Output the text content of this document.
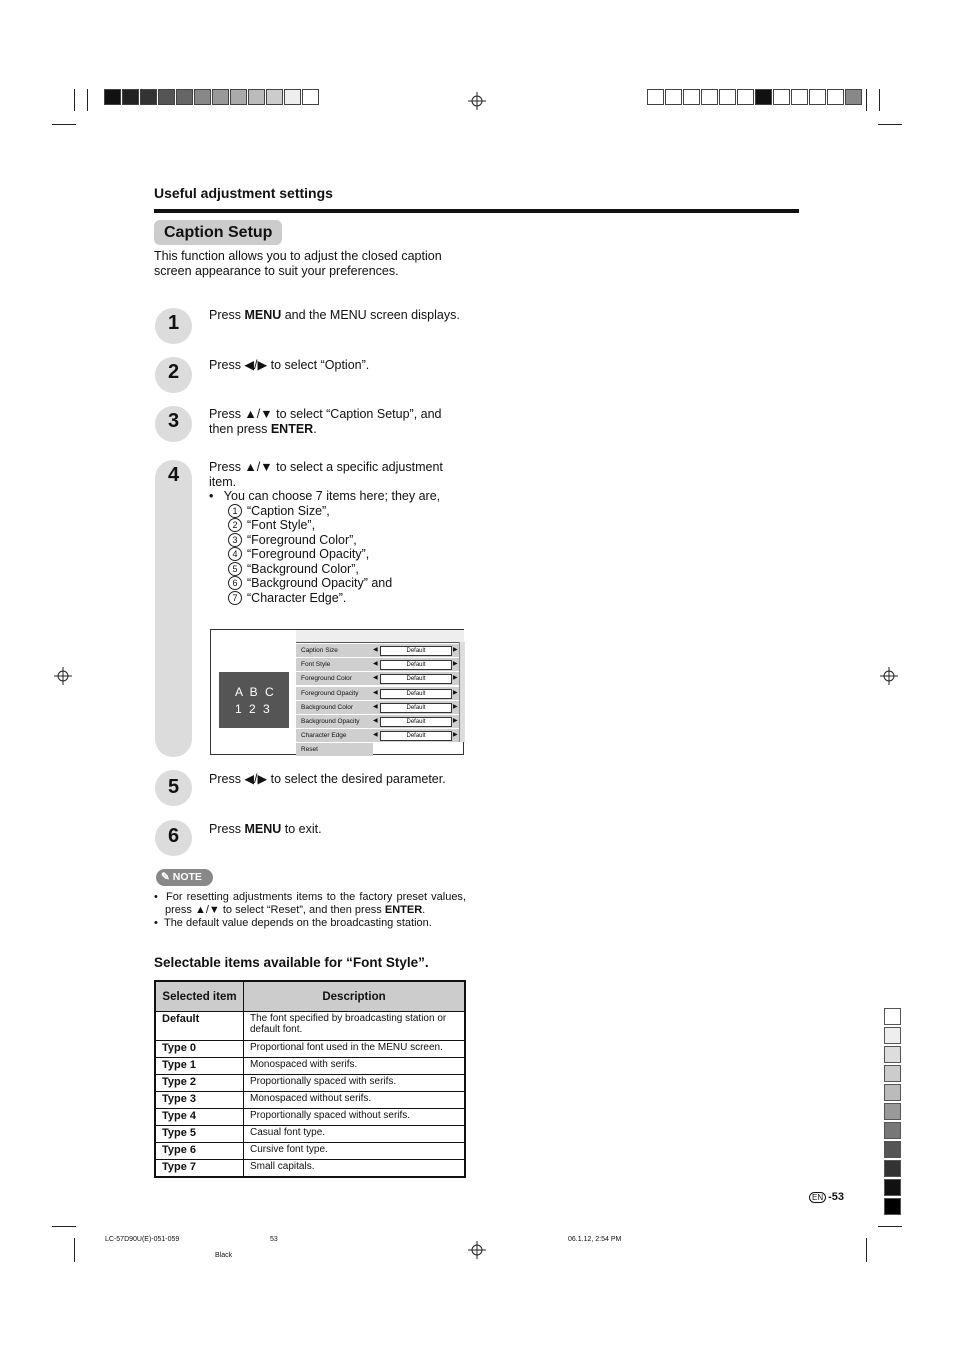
Useful adjustment settings
Caption Setup
This function allows you to adjust the closed caption screen appearance to suit your preferences.
1
2
3
4
5
6
Press MENU and the MENU screen displays.
Press ◀/▶ to select “Option”.
Press ▲/▼ to select “Caption Setup”, and then press ENTER.
Press ▲/▼ to select a specific adjustment item.
•   You can choose 7 items here; they are,
1 “Caption Size”,
2 “Font Style”,
3 “Foreground Color”,
4 “Foreground Opacity”,
5 “Background Color”,
6 “Background Opacity” and
7 “Character Edge”.
Press ◀/▶ to select the desired parameter.
Press MENU to exit.
A B C
1 2 3
Caption Size	◀	Default	▶
Font Style	◀	Default	▶
Foreground Color	◀	Default	▶
Foreground Opacity ◀	Default	▶
Background Color	◀	Default	▶
Background Opacity ◀	Default	▶
Character Edge	◀	Default	▶
Reset
✎ NOTE
•  For resetting adjustments items to the factory preset values, press ▲/▼ to select “Reset”, and then press ENTER.
•  The default value depends on the broadcasting station.
Selectable items available for “Font Style”.
Selected item	Description
Default	The font specified by broadcasting station or default font.
Type 0	Proportional font used in the MENU screen.
Type 1	Monospaced with serifs.
Type 2	Proportionally spaced with serifs.
Type 3	Monospaced without serifs.
Type 4	Proportionally spaced without serifs.
Type 5	Casual font type.
Type 6	Cursive font type.
Type 7	Small capitals.
EN -53
LC-57D90U(E)-051-059	53	06.1.12, 2:54 PM
Black
